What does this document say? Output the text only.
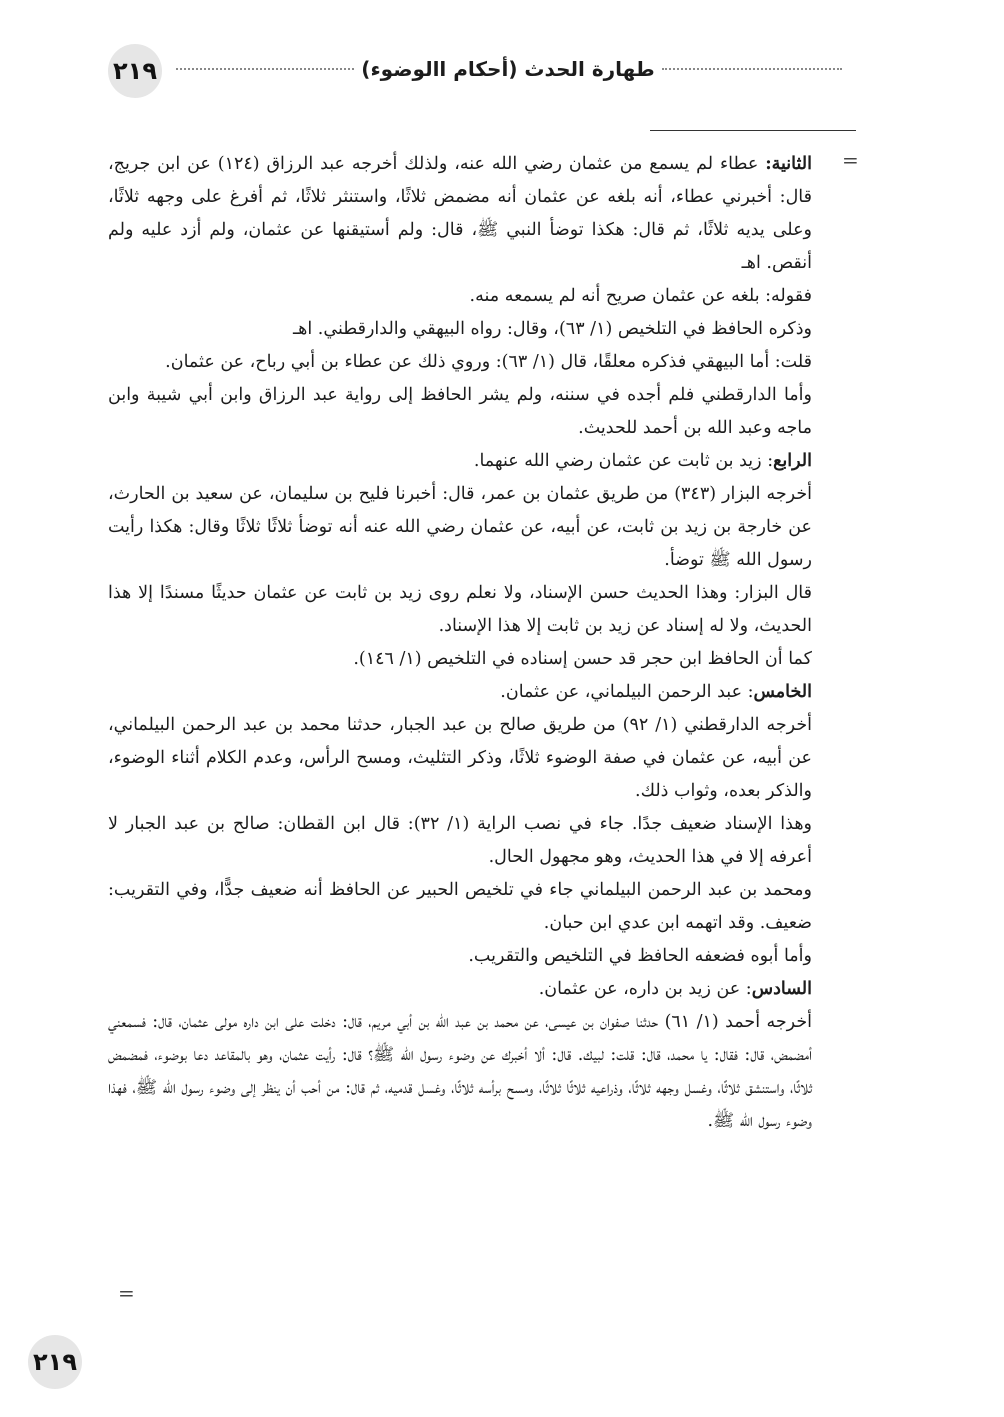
٢١٩	طهارة الحدث (أحكام االوضوء)
=

الثانية: عطاء لم يسمع من عثمان رضي الله عنه، ولذلك أخرجه عبد الرزاق (١٢٤) عن ابن جريج، قال: أخبرني عطاء، أنه بلغه عن عثمان أنه مضمض ثلاثًا، واستنثر ثلاثًا، ثم أفرغ على وجهه ثلاثًا، وعلى يديه ثلاثًا، ثم قال: هكذا توضأ النبي ﷺ، قال: ولم أستيقنها عن عثمان، ولم أزد عليه ولم أنقص. اهـ

فقوله: بلغه عن عثمان صريح أنه لم يسمعه منه.

وذكره الحافظ في التلخيص (١/ ٦٣)، وقال: رواه البيهقي والدارقطني. اهـ

قلت: أما البيهقي فذكره معلقًا، قال (١/ ٦٣): وروي ذلك عن عطاء بن أبي رباح، عن عثمان.

وأما الدارقطني فلم أجده في سننه، ولم يشر الحافظ إلى رواية عبد الرزاق وابن أبي شيبة وابن ماجه وعبد الله بن أحمد للحديث.

الرابع: زيد بن ثابت عن عثمان رضي الله عنهما.

أخرجه البزار (٣٤٣) من طريق عثمان بن عمر، قال: أخبرنا فليح بن سليمان، عن سعيد بن الحارث، عن خارجة بن زيد بن ثابت، عن أبيه، عن عثمان رضي الله عنه أنه توضأ ثلاثًا ثلاثًا وقال: هكذا رأيت رسول الله ﷺ توضأ.

قال البزار: وهذا الحديث حسن الإسناد، ولا نعلم روى زيد بن ثابت عن عثمان حديثًا مسندًا إلا هذا الحديث، ولا له إسناد عن زيد بن ثابت إلا هذا الإسناد.

كما أن الحافظ ابن حجر قد حسن إسناده في التلخيص (١/ ١٤٦).

الخامس: عبد الرحمن البيلماني، عن عثمان.

أخرجه الدارقطني (١/ ٩٢) من طريق صالح بن عبد الجبار، حدثنا محمد بن عبد الرحمن البيلماني، عن أبيه، عن عثمان في صفة الوضوء ثلاثًا، وذكر التثليث، ومسح الرأس، وعدم الكلام أثناء الوضوء، والذكر بعده، وثواب ذلك.

وهذا الإسناد ضعيف جدًا. جاء في نصب الراية (١/ ٣٢): قال ابن القطان: صالح بن عبد الجبار لا أعرفه إلا في هذا الحديث، وهو مجهول الحال.

ومحمد بن عبد الرحمن البيلماني جاء في تلخيص الحبير عن الحافظ أنه ضعيف جدًّا، وفي التقريب: ضعيف. وقد اتهمه ابن عدي ابن حبان.

وأما أبوه فضعفه الحافظ في التلخيص والتقريب.

السادس: عن زيد بن داره، عن عثمان.

أخرجه أحمد (١/ ٦١) حدثنا صفوان بن عيسى، عن محمد بن عبد الله بن أبي مريم، قال: دخلت على ابن داره مولى عثمان، قال: فسمعني أمضمض، قال: فقال: يا محمد، قال: قلت: لبيك. قال: ألا أخبرك عن وضوء رسول الله ﷺ؟ قال: رأيت عثمان، وهو بالمقاعد دعا بوضوء، فمضمض ثلاثًا، واستنشق ثلاثًا، وغسل وجهه ثلاثًا، وذراعيه ثلاثًا ثلاثًا، ومسح برأسه ثلاثًا، وغسل قدميه، ثم قال: من أحب أن ينظر إلى وضوء رسول الله ﷺ، فهذا وضوء رسول الله ﷺ.

=
٢١٩
